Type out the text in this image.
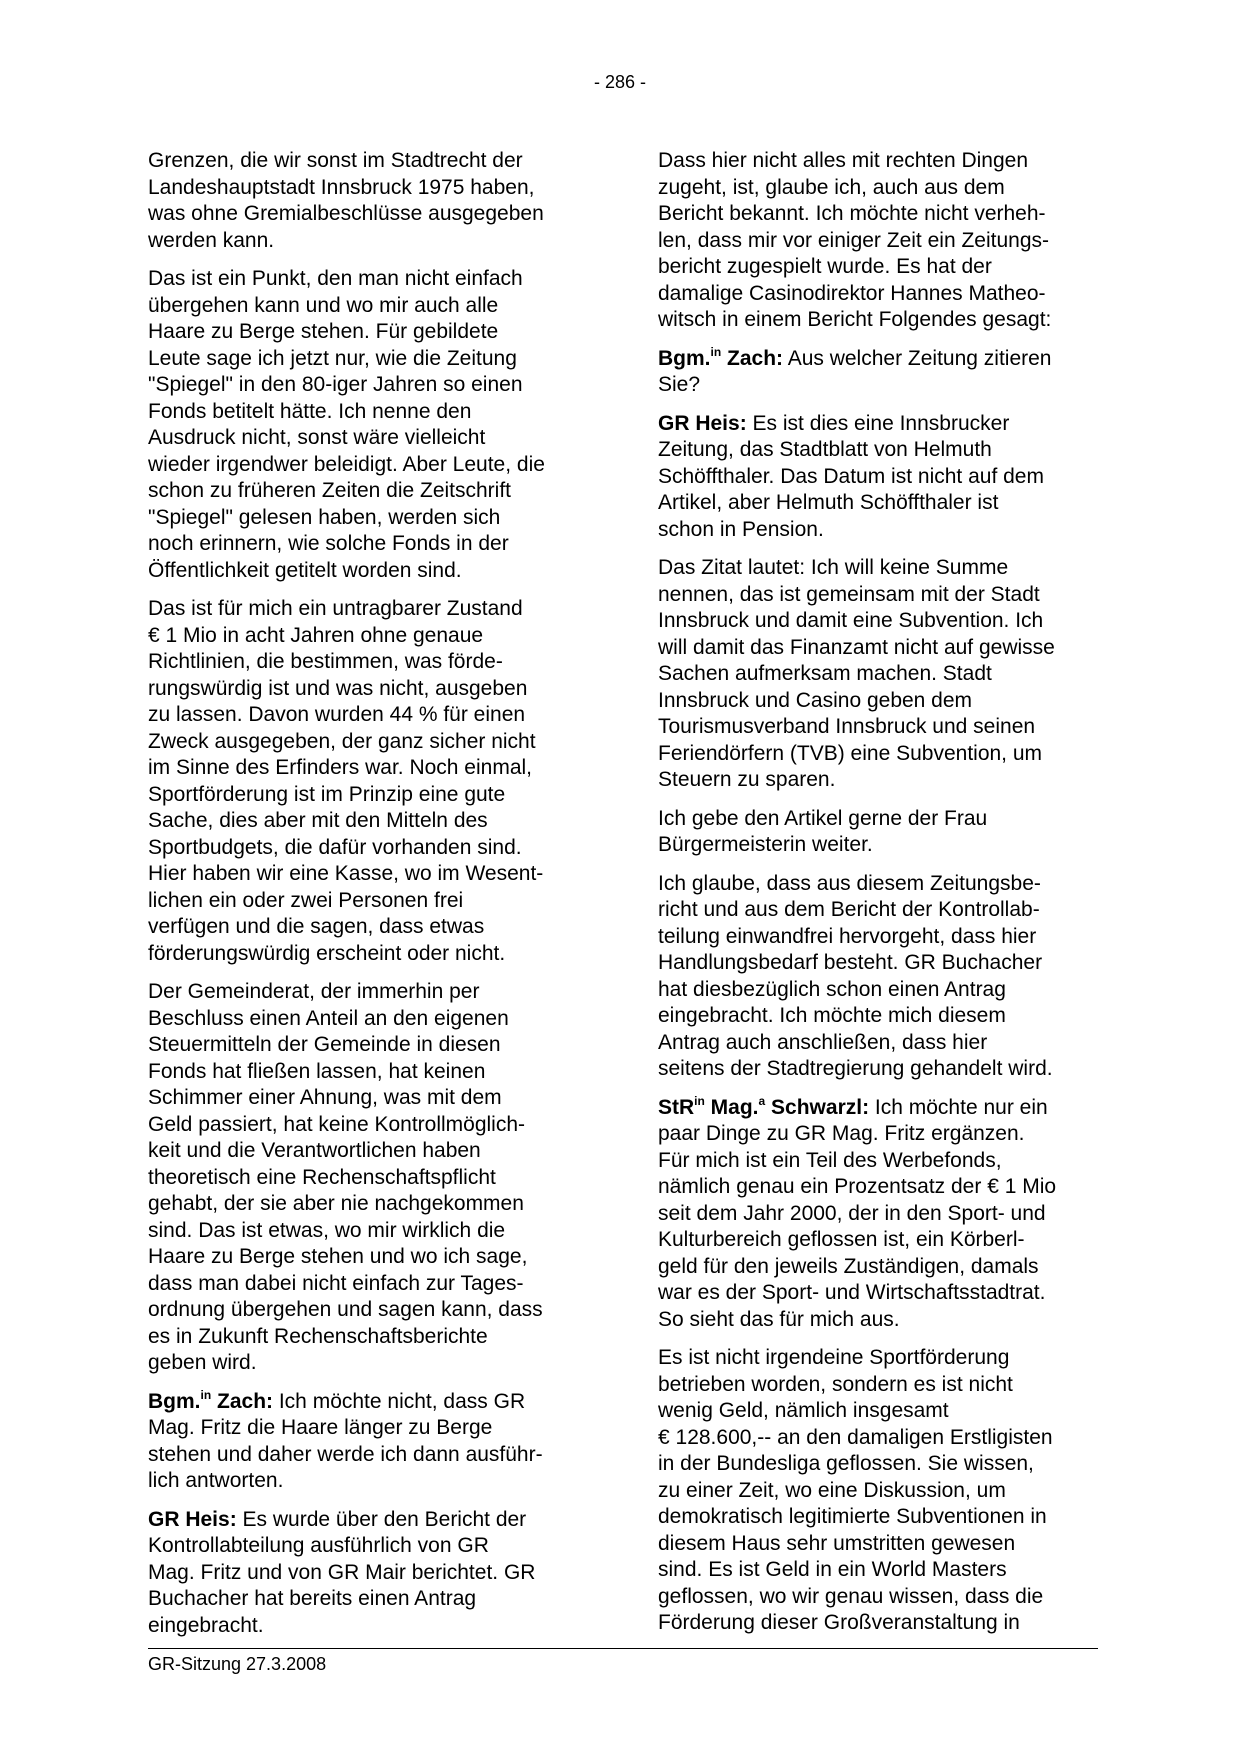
- 286 -
Grenzen, die wir sonst im Stadtrecht der
Landeshauptstadt Innsbruck 1975 haben,
was ohne Gremialbeschlüsse ausgegeben
werden kann.
Das ist ein Punkt, den man nicht einfach
übergehen kann und wo mir auch alle
Haare zu Berge stehen. Für gebildete
Leute sage ich jetzt nur, wie die Zeitung
"Spiegel" in den 80-iger Jahren so einen
Fonds betitelt hätte. Ich nenne den
Ausdruck nicht, sonst wäre vielleicht
wieder irgendwer beleidigt. Aber Leute, die
schon zu früheren Zeiten die Zeitschrift
"Spiegel" gelesen haben, werden sich
noch erinnern, wie solche Fonds in der
Öffentlichkeit getitelt worden sind.
Das ist für mich ein untragbarer Zustand
€ 1 Mio in acht Jahren ohne genaue
Richtlinien, die bestimmen, was förde-
rungswürdig ist und was nicht, ausgeben
zu lassen. Davon wurden 44 % für einen
Zweck ausgegeben, der ganz sicher nicht
im Sinne des Erfinders war. Noch einmal,
Sportförderung ist im Prinzip eine gute
Sache, dies aber mit den Mitteln des
Sportbudgets, die dafür vorhanden sind.
Hier haben wir eine Kasse, wo im Wesent-
lichen ein oder zwei Personen frei
verfügen und die sagen, dass etwas
förderungswürdig erscheint oder nicht.
Der Gemeinderat, der immerhin per
Beschluss einen Anteil an den eigenen
Steuermitteln der Gemeinde in diesen
Fonds hat fließen lassen, hat keinen
Schimmer einer Ahnung, was mit dem
Geld passiert, hat keine Kontrollmöglich-
keit und die Verantwortlichen haben
theoretisch eine Rechenschaftspflicht
gehabt, der sie aber nie nachgekommen
sind. Das ist etwas, wo mir wirklich die
Haare zu Berge stehen und wo ich sage,
dass man dabei nicht einfach zur Tages-
ordnung übergehen und sagen kann, dass
es in Zukunft Rechenschaftsberichte
geben wird.
Bgm.$^{in}$ Zach: Ich möchte nicht, dass GR
Mag. Fritz die Haare länger zu Berge
stehen und daher werde ich dann ausführ-
lich antworten.
GR Heis: Es wurde über den Bericht der
Kontrollabteilung ausführlich von GR
Mag. Fritz und von GR Mair berichtet. GR
Buchacher hat bereits einen Antrag
eingebracht.
Dass hier nicht alles mit rechten Dingen
zugeht, ist, glaube ich, auch aus dem
Bericht bekannt. Ich möchte nicht verheh-
len, dass mir vor einiger Zeit ein Zeitungs-
bericht zugespielt wurde. Es hat der
damalige Casinodirektor Hannes Matheo-
witsch in einem Bericht Folgendes gesagt:
Bgm.$^{in}$ Zach: Aus welcher Zeitung zitieren
Sie?
GR Heis: Es ist dies eine Innsbrucker
Zeitung, das Stadtblatt von Helmuth
Schöffthaler. Das Datum ist nicht auf dem
Artikel, aber Helmuth Schöffthaler ist
schon in Pension.
Das Zitat lautet: Ich will keine Summe
nennen, das ist gemeinsam mit der Stadt
Innsbruck und damit eine Subvention. Ich
will damit das Finanzamt nicht auf gewisse
Sachen aufmerksam machen. Stadt
Innsbruck und Casino geben dem
Tourismusverband Innsbruck und seinen
Feriendörfern (TVB) eine Subvention, um
Steuern zu sparen.
Ich gebe den Artikel gerne der Frau
Bürgermeisterin weiter.
Ich glaube, dass aus diesem Zeitungsbe-
richt und aus dem Bericht der Kontrollab-
teilung einwandfrei hervorgeht, dass hier
Handlungsbedarf besteht. GR Buchacher
hat diesbezüglich schon einen Antrag
eingebracht. Ich möchte mich diesem
Antrag auch anschließen, dass hier
seitens der Stadtregierung gehandelt wird.
StR$^{in}$ Mag.$^a$ Schwarzl: Ich möchte nur ein
paar Dinge zu GR Mag. Fritz ergänzen.
Für mich ist ein Teil des Werbefonds,
nämlich genau ein Prozentsatz der € 1 Mio
seit dem Jahr 2000, der in den Sport- und
Kulturbereich geflossen ist, ein Körberl-
geld für den jeweils Zuständigen, damals
war es der Sport- und Wirtschaftsstadtrat.
So sieht das für mich aus.
Es ist nicht irgendeine Sportförderung
betrieben worden, sondern es ist nicht
wenig Geld, nämlich insgesamt
€ 128.600,-- an den damaligen Erstligisten
in der Bundesliga geflossen. Sie wissen,
zu einer Zeit, wo eine Diskussion, um
demokratisch legitimierte Subventionen in
diesem Haus sehr umstritten gewesen
sind. Es ist Geld in ein World Masters
geflossen, wo wir genau wissen, dass die
Förderung dieser Großveranstaltung in
GR-Sitzung 27.3.2008
